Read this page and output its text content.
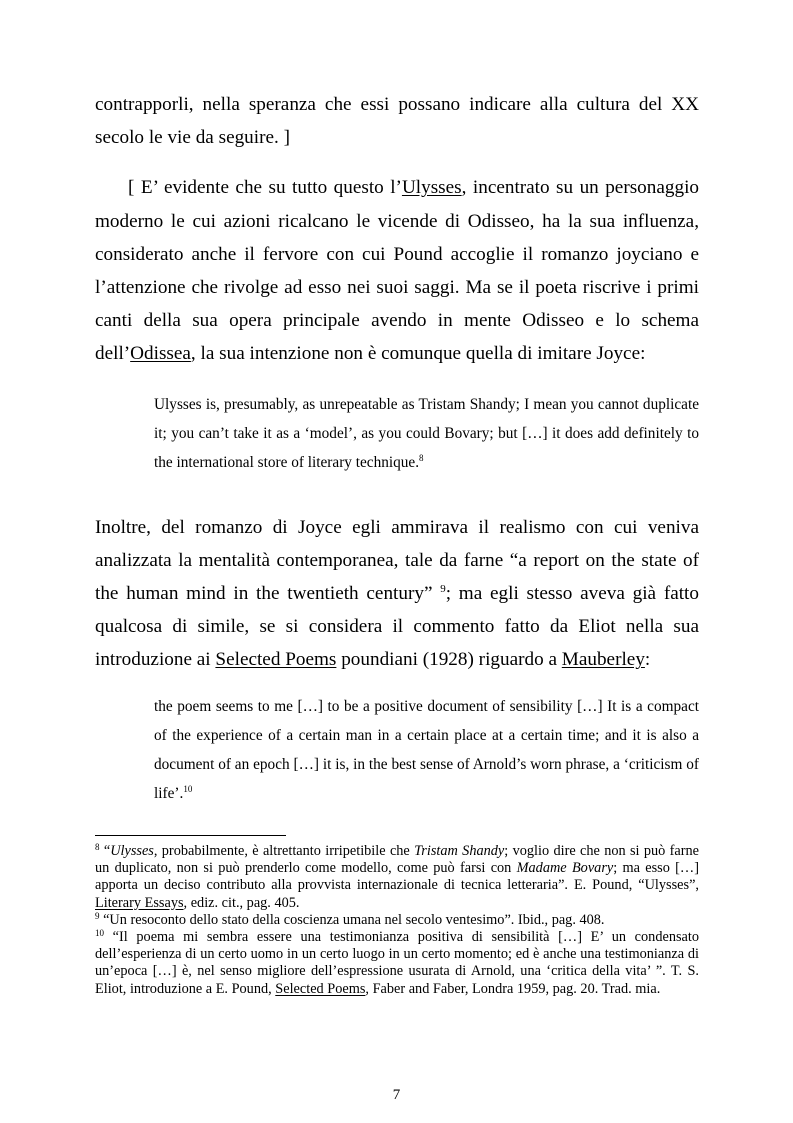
contrapporli, nella speranza che essi possano indicare alla cultura del XX secolo le vie da seguire. ]

[ E’ evidente che su tutto questo l’Ulysses, incentrato su un personaggio moderno le cui azioni ricalcano le vicende di Odisseo, ha la sua influenza, considerato anche il fervore con cui Pound accoglie il romanzo joyciano e l’attenzione che rivolge ad esso nei suoi saggi. Ma se il poeta riscrive i primi canti della sua opera principale avendo in mente Odisseo e lo schema dell’Odissea, la sua intenzione non è comunque quella di imitare Joyce:

Ulysses is, presumably, as unrepeatable as Tristam Shandy; I mean you cannot duplicate it; you can’t take it as a ‘model’, as you could Bovary; but […] it does add definitely to the international store of literary technique.$^8$

Inoltre, del romanzo di Joyce egli ammirava il realismo con cui veniva analizzata la mentalità contemporanea, tale da farne “a report on the state of the human mind in the twentieth century” $^9$; ma egli stesso aveva già fatto qualcosa di simile, se si considera il commento fatto da Eliot nella sua introduzione ai Selected Poems poundiani (1928) riguardo a Mauberley:

the poem seems to me […] to be a positive document of sensibility […] It is a compact of the experience of a certain man in a certain place at a certain time; and it is also a document of an epoch […] it is, in the best sense of Arnold’s worn phrase, a ‘criticism of life’.$^{10}$

$^8$ “Ulysses, probabilmente, è altrettanto irripetibile che Tristam Shandy; voglio dire che non si può farne un duplicato, non si può prenderlo come modello, come può farsi con Madame Bovary; ma esso […] apporta un deciso contributo alla provvista internazionale di tecnica letteraria”. E. Pound, “Ulysses”, Literary Essays, ediz. cit., pag. 405.

$^9$ “Un resoconto dello stato della coscienza umana nel secolo ventesimo”. Ibid., pag. 408.

$^{10}$ “Il poema mi sembra essere una testimonianza positiva di sensibilità […] E’ un condensato dell’esperienza di un certo uomo in un certo luogo in un certo momento; ed è anche una testimonianza di un’epoca […] è, nel senso migliore dell’espressione usurata di Arnold, una ‘critica della vita’ ”. T. S. Eliot, introduzione a E. Pound, Selected Poems, Faber and Faber, Londra 1959, pag. 20. Trad. mia.

7
